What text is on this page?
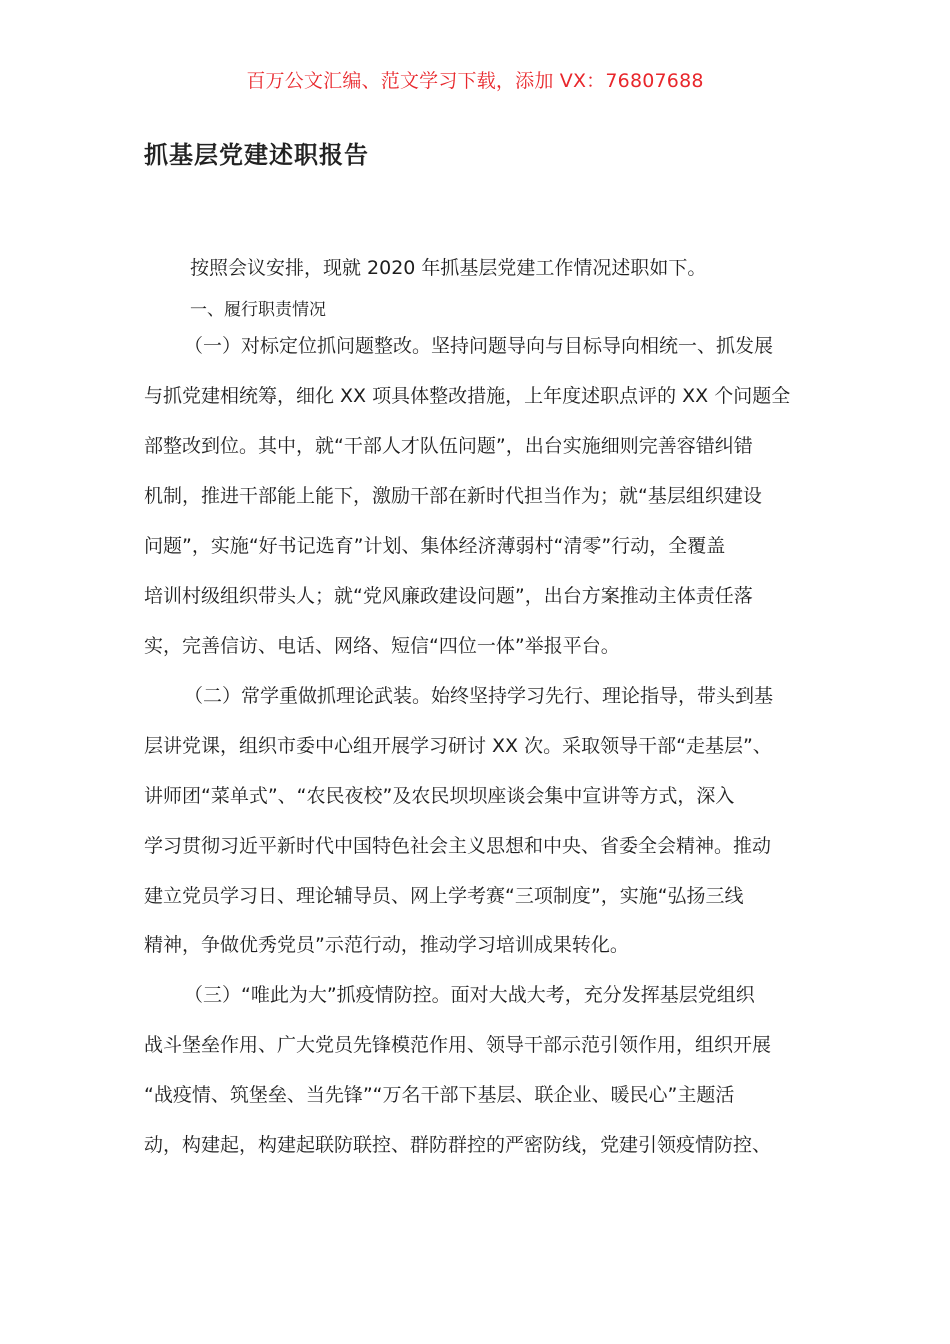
百万公文汇编、范文学习下载，添加 VX：76807688
抓基层党建述职报告
按照会议安排，现就 2020 年抓基层党建工作情况述职如下。
一、履行职责情况
（一）对标定位抓问题整改。坚持问题导向与目标导向相统一、抓发展
与抓党建相统筹，细化 XX 项具体整改措施，上年度述职点评的 XX 个问题全
部整改到位。其中，就“干部人才队伍问题”，出台实施细则完善容错纠错
机制，推进干部能上能下，激励干部在新时代担当作为；就“基层组织建设
问题”，实施“好书记选育”计划、集体经济薄弱村“清零”行动，全覆盖
培训村级组织带头人；就“党风廉政建设问题”，出台方案推动主体责任落
实，完善信访、电话、网络、短信“四位一体”举报平台。
（二）常学重做抓理论武装。始终坚持学习先行、理论指导，带头到基
层讲党课，组织市委中心组开展学习研讨 XX 次。采取领导干部“走基层”、
讲师团“菜单式”、“农民夜校”及农民坝坝座谈会集中宣讲等方式，深入
学习贯彻习近平新时代中国特色社会主义思想和中央、省委全会精神。推动
建立党员学习日、理论辅导员、网上学考赛“三项制度”，实施“弘扬三线
精神，争做优秀党员”示范行动，推动学习培训成果转化。
（三）“唯此为大”抓疫情防控。面对大战大考，充分发挥基层党组织
战斗堡垒作用、广大党员先锋模范作用、领导干部示范引领作用，组织开展
“战疫情、筑堡垒、当先锋”“万名干部下基层、联企业、暖民心”主题活
动，构建起，构建起联防联控、群防群控的严密防线，党建引领疫情防控、
